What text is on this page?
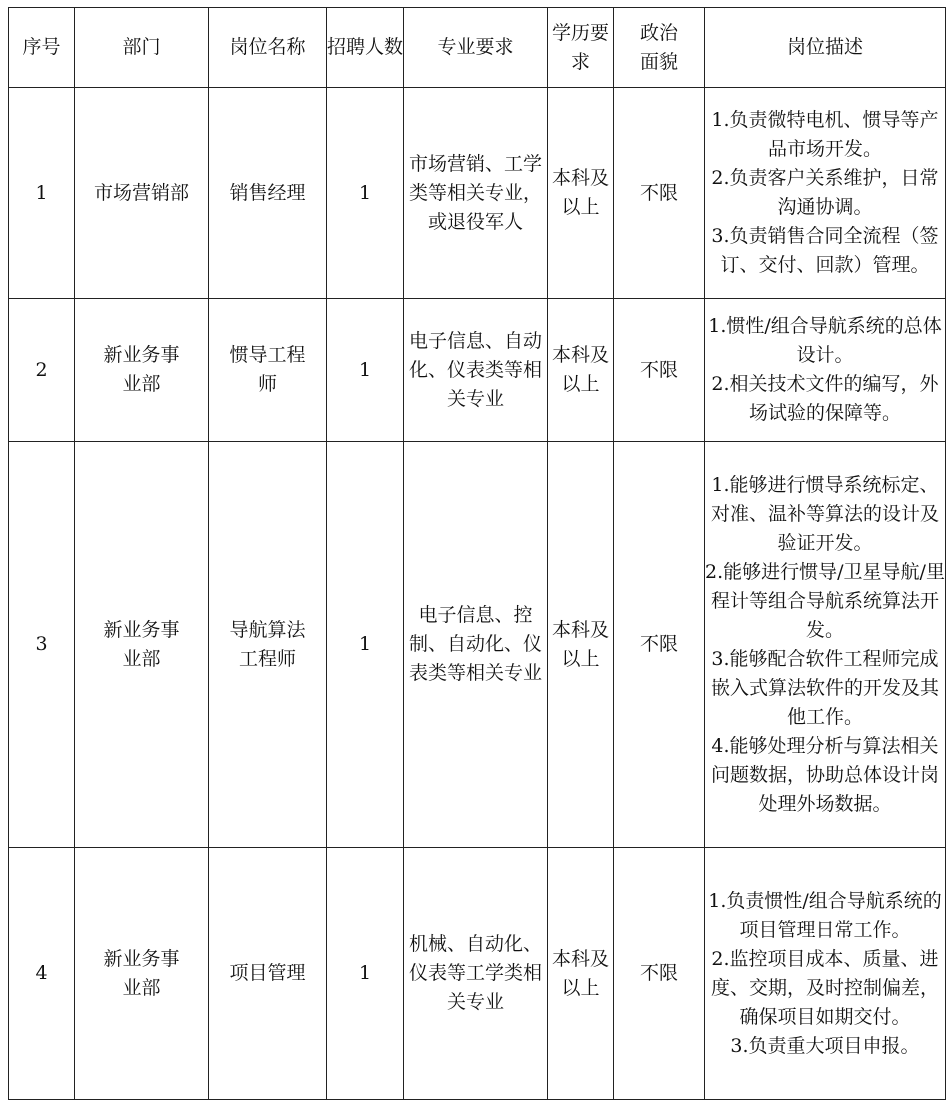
序号	部门	岗位名称	招聘人数	专业要求	学历要求	政治面貌	岗位描述
1	市场营销部	销售经理	1	市场营销、工学类等相关专业，或退役军人	本科及以上	不限	1.负责微特电机、惯导等产品市场开发。
2.负责客户关系维护，日常沟通协调。
3.负责销售合同全流程（签订、交付、回款）管理。

2	新业务事业部	惯导工程师	1	电子信息、自动化、仪表类等相关专业	本科及以上	不限	1.惯性/组合导航系统的总体设计。
2.相关技术文件的编写，外场试验的保障等。

3	新业务事业部	导航算法工程师	1	电子信息、控制、自动化、仪表类等相关专业	本科及以上	不限	1.能够进行惯导系统标定、对准、温补等算法的设计及验证开发。
2.能够进行惯导/卫星导航/里程计等组合导航系统算法开发。
3.能够配合软件工程师完成嵌入式算法软件的开发及其他工作。
4.能够处理分析与算法相关问题数据，协助总体设计岗处理外场数据。

4	新业务事业部	项目管理	1	机械、自动化、仪表等工学类相关专业	本科及以上	不限	1.负责惯性/组合导航系统的项目管理日常工作。
2.监控项目成本、质量、进度、交期，及时控制偏差，确保项目如期交付。
3.负责重大项目申报。
